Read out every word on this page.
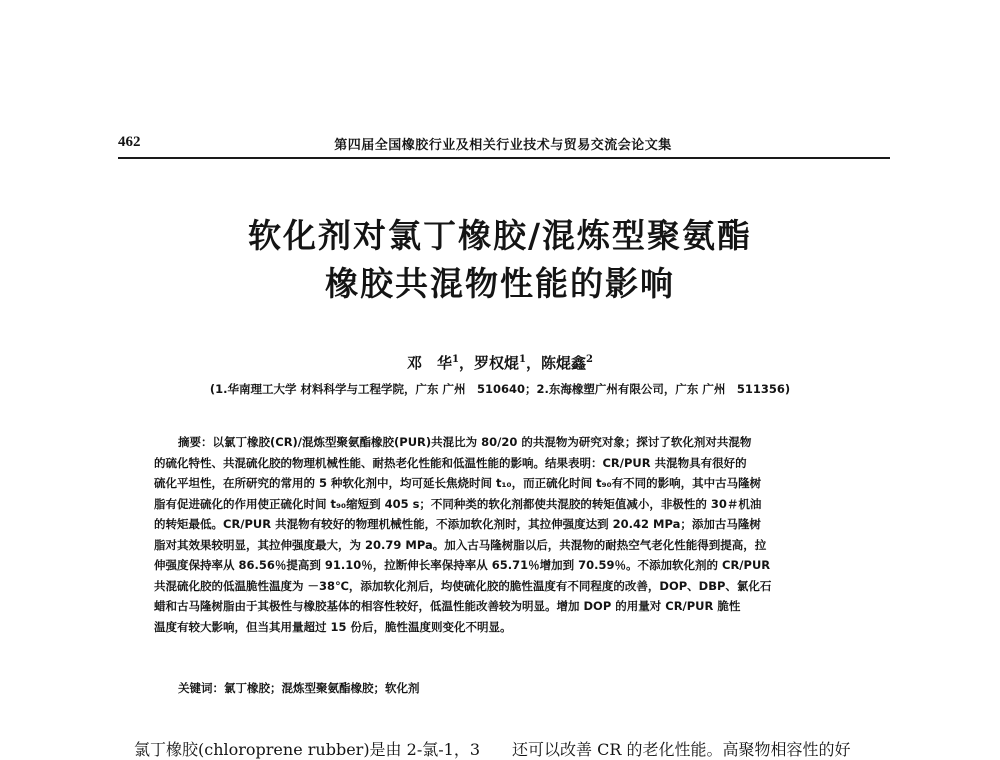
462	第四届全国橡胶行业及相关行业技术与贸易交流会论文集
软化剂对氯丁橡胶/混炼型聚氨酯
橡胶共混物性能的影响
邓　华$^1$，罗权焜$^1$，陈焜鑫$^2$
(1.华南理工大学 材料科学与工程学院，广东 广州　510640；2.东海橡塑广州有限公司，广东 广州　511356)
摘要：以氯丁橡胶(CR)/混炼型聚氨酯橡胶(PUR)共混比为 80/20 的共混物为研究对象；探讨了软化剂对共混物
的硫化特性、共混硫化胶的物理机械性能、耐热老化性能和低温性能的影响。结果表明：CR/PUR 共混物具有很好的
硫化平坦性，在所研究的常用的 5 种软化剂中，均可延长焦烧时间 t₁₀，而正硫化时间 t₉₀有不同的影响，其中古马隆树
脂有促进硫化的作用使正硫化时间 t₉₀缩短到 405 s；不同种类的软化剂都使共混胶的转矩值减小，非极性的 30＃机油
的转矩最低。CR/PUR 共混物有较好的物理机械性能，不添加软化剂时，其拉伸强度达到 20.42 MPa；添加古马隆树
脂对其效果较明显，其拉伸强度最大，为 20.79 MPa。加入古马隆树脂以后，共混物的耐热空气老化性能得到提高，拉
伸强度保持率从 86.56％提高到 91.10％，拉断伸长率保持率从 65.71％增加到 70.59％。不添加软化剂的 CR/PUR
共混硫化胶的低温脆性温度为 －38℃，添加软化剂后，均使硫化胶的脆性温度有不同程度的改善，DOP、DBP、氯化石
蜡和古马隆树脂由于其极性与橡胶基体的相容性较好，低温性能改善较为明显。增加 DOP 的用量对 CR/PUR 脆性
温度有较大影响，但当其用量超过 15 份后，脆性温度则变化不明显。
关键词：氯丁橡胶；混炼型聚氨酯橡胶；软化剂
氯丁橡胶(chloroprene rubber)是由 2-氯-1，3 还可以改善 CR 的老化性能。高聚物相容性的好
